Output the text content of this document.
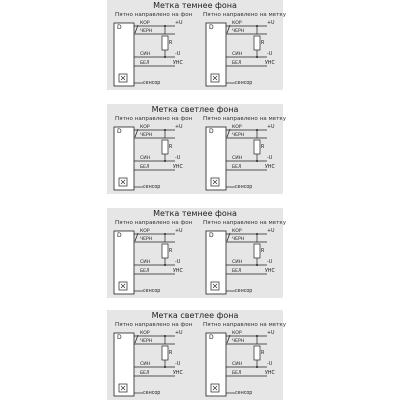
Метка темнее фона
Пятно направлено на фон Пятно направлено на метку
D
КОР
ЧЕРН
СИН
БЕЛ
+U
-U
УНС
R
сенсор
D
КОР
ЧЕРН
СИН
БЕЛ
+U
-U
УНС
R
сенсор
Метка светлее фона
Пятно направлено на фон Пятно направлено на метку
D
КОР
ЧЕРН
СИН
БЕЛ
+U
-U
УНС
R
сенсор
D
КОР
ЧЕРН
СИН
БЕЛ
+U
-U
УНС
R
сенсор
Метка темнее фона
Пятно направлено на фон Пятно направлено на метку
D
КОР
ЧЕРН
СИН
БЕЛ
+U
-U
УНС
R
сенсор
D
КОР
ЧЕРН
СИН
БЕЛ
+U
-U
УНС
R
сенсор
Метка светлее фона
Пятно направлено на фон Пятно направлено на метку
D
КОР
ЧЕРН
СИН
БЕЛ
+U
-U
УНС
R
сенсор
D
КОР
ЧЕРН
СИН
БЕЛ
+U
-U
УНС
R
сенсор
